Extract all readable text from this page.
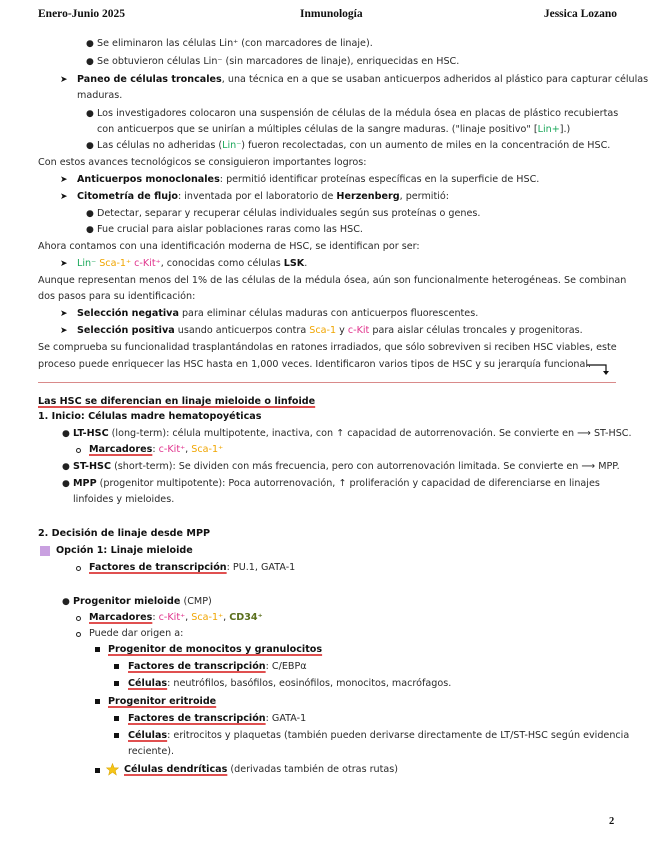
Enero-Junio 2025	Inmunología	Jessica Lozano
● Se eliminaron las células Lin⁺ (con marcadores de linaje).
● Se obtuvieron células Lin⁻ (sin marcadores de linaje), enriquecidas en HSC.
➤ Paneo de células troncales, una técnica en a que se usaban anticuerpos adheridos al plástico para capturar células
maduras.
● Los investigadores colocaron una suspensión de células de la médula ósea en placas de plástico recubiertas
con anticuerpos que se unirían a múltiples células de la sangre maduras. ("linaje positivo" [Lin+].)
● Las células no adheridas (Lin⁻) fueron recolectadas, con un aumento de miles en la concentración de HSC.
Con estos avances tecnológicos se consiguieron importantes logros:
➤ Anticuerpos monoclonales: permitió identificar proteínas específicas en la superficie de HSC.
➤ Citometría de flujo: inventada por el laboratorio de Herzenberg, permitió:
● Detectar, separar y recuperar células individuales según sus proteínas o genes.
● Fue crucial para aislar poblaciones raras como las HSC.
Ahora contamos con una identificación moderna de HSC, se identifican por ser:
➤ Lin⁻ Sca-1⁺ c-Kit⁺, conocidas como células LSK.
Aunque representan menos del 1% de las células de la médula ósea, aún son funcionalmente heterogéneas. Se combinan
dos pasos para su identificación:
➤ Selección negativa para eliminar células maduras con anticuerpos fluorescentes.
➤ Selección positiva usando anticuerpos contra Sca-1 y c-Kit para aislar células troncales y progenitoras.
Se comprueba su funcionalidad trasplantándolas en ratones irradiados, que sólo sobreviven si reciben HSC viables, este
proceso puede enriquecer las HSC hasta en 1,000 veces. Identificaron varios tipos de HSC y su jerarquía funcional.
Las HSC se diferencian en linaje mieloide o linfoide
1. Inicio: Células madre hematopoyéticas
● LT-HSC (long-term): célula multipotente, inactiva, con ↑ capacidad de autorrenovación. Se convierte en ⟶ ST-HSC.
Marcadores: c-Kit⁺, Sca-1⁺
● ST-HSC (short-term): Se dividen con más frecuencia, pero con autorrenovación limitada. Se convierte en ⟶ MPP.
● MPP (progenitor multipotente): Poca autorrenovación, ↑ proliferación y capacidad de diferenciarse en linajes
linfoides y mieloides.
2. Decisión de linaje desde MPP
Opción 1: Linaje mieloide
Factores de transcripción: PU.1, GATA-1
● Progenitor mieloide (CMP)
Marcadores: c-Kit⁺, Sca-1⁺, CD34⁺
Puede dar origen a:
Progenitor de monocitos y granulocitos
Factores de transcripción: C/EBPα
Células: neutrófilos, basófilos, eosinófilos, monocitos, macrófagos.
Progenitor eritroide
Factores de transcripción: GATA-1
Células: eritrocitos y plaquetas (también pueden derivarse directamente de LT/ST-HSC según evidencia
reciente).
Células dendríticas (derivadas también de otras rutas)
2
